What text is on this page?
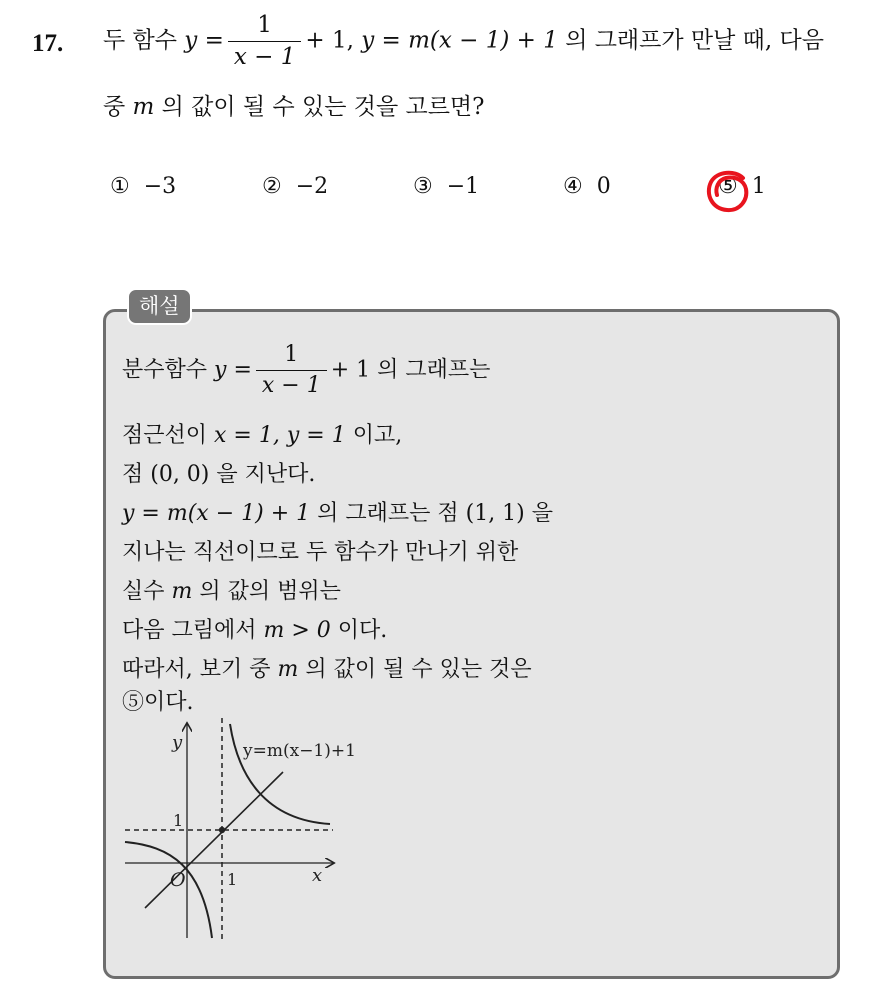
17. 두 함수 $y = \frac{1}{x - 1} + 1$, y = m(x − 1) + 1 의 그래프가 만날 때, 다음
중 m 의 값이 될 수 있는 것을 고르면?
① −3	② −2	③ −1	④ 0	⑤ 1
해설
분수함수 $y = \frac{1}{x - 1} + 1$ 의 그래프는
점근선이 x = 1, y = 1 이고,
점 (0, 0) 을 지난다.
y = m(x − 1) + 1 의 그래프는 점 (1, 1) 을
지나는 직선이므로 두 함수가 만나기 위한
실수 m 의 값의 범위는
다음 그림에서 m > 0 이다.
따라서, 보기 중 m 의 값이 될 수 있는 것은
⑤이다.
y
x
O	1
1
y=m(x−1)+1
